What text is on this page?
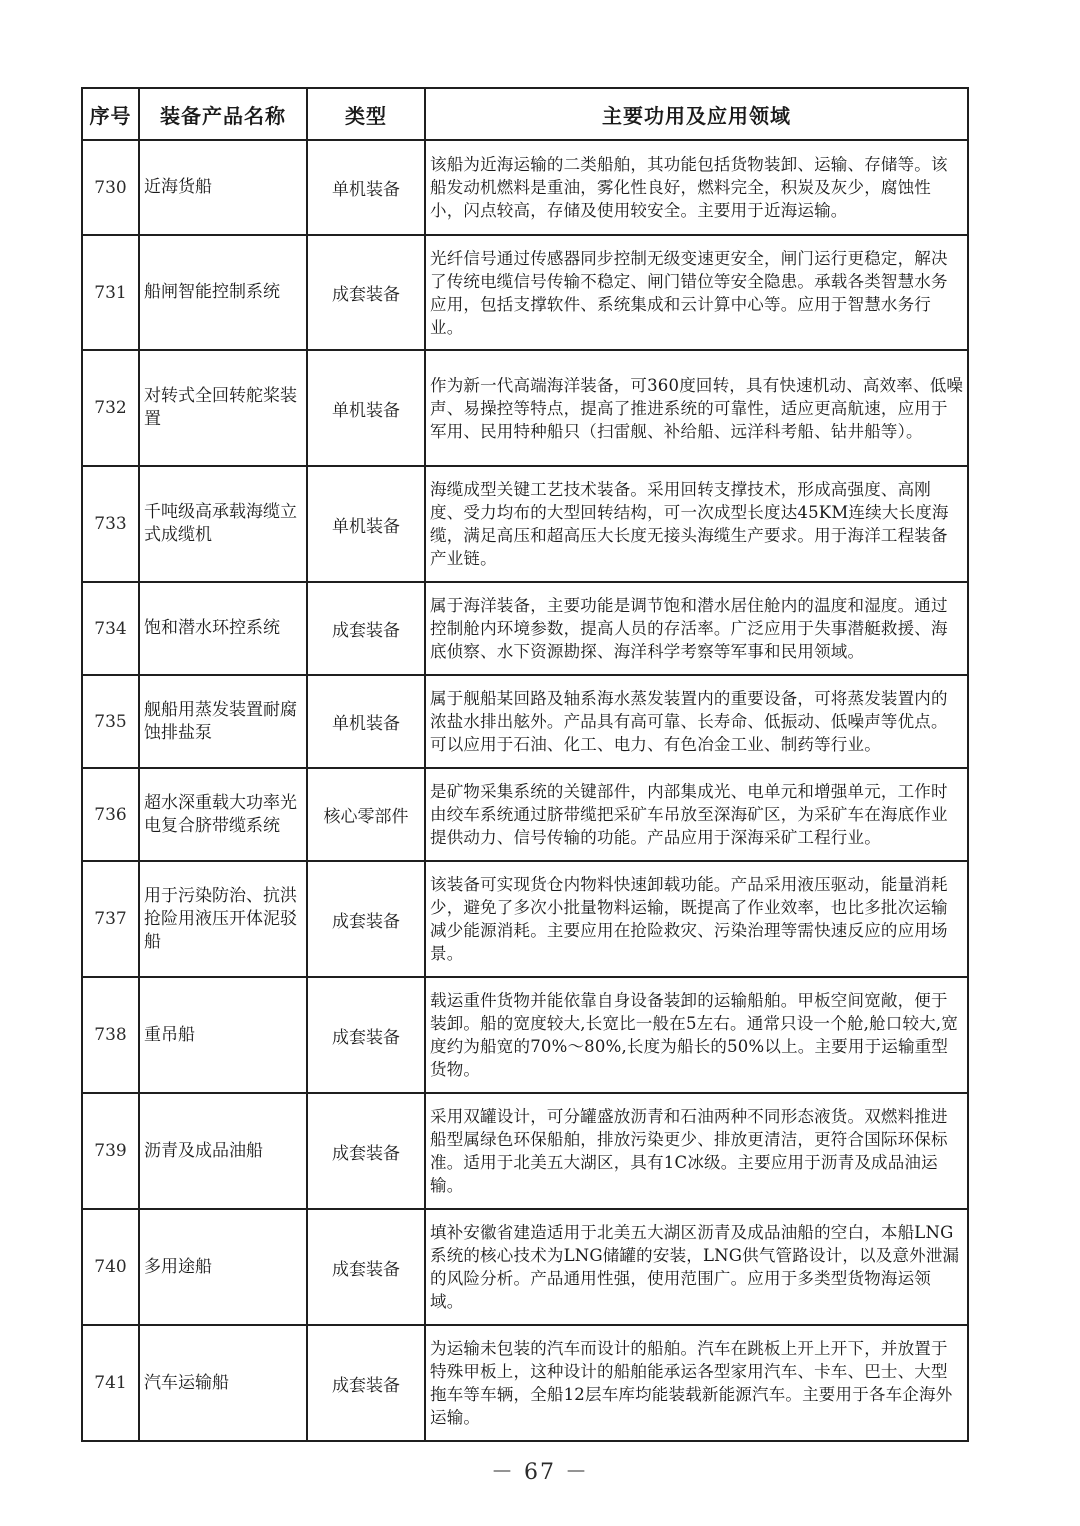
序号	装备产品名称	类型	主要功用及应用领域
730	近海货船	单机装备	该船为近海运输的二类船舶，其功能包括货物装卸、运输、存储等。该船发动机燃料是重油，雾化性良好，燃料完全，积炭及灰少，腐蚀性小，闪点较高，存储及使用较安全。主要用于近海运输。
731	船闸智能控制系统	成套装备	光纤信号通过传感器同步控制无级变速更安全，闸门运行更稳定，解决了传统电缆信号传输不稳定、闸门错位等安全隐患。承载各类智慧水务应用，包括支撑软件、系统集成和云计算中心等。应用于智慧水务行业。
732	对转式全回转舵桨装置	单机装备	作为新一代高端海洋装备，可360度回转，具有快速机动、高效率、低噪声、易操控等特点，提高了推进系统的可靠性，适应更高航速，应用于军用、民用特种船只（扫雷舰、补给船、远洋科考船、钻井船等）。
733	千吨级高承载海缆立式成缆机	单机装备	海缆成型关键工艺技术装备。采用回转支撑技术，形成高强度、高刚度、受力均布的大型回转结构，可一次成型长度达45KM连续大长度海缆，满足高压和超高压大长度无接头海缆生产要求。用于海洋工程装备产业链。
734	饱和潜水环控系统	成套装备	属于海洋装备，主要功能是调节饱和潜水居住舱内的温度和湿度。通过控制舱内环境参数，提高人员的存活率。广泛应用于失事潜艇救援、海底侦察、水下资源勘探、海洋科学考察等军事和民用领域。
735	舰船用蒸发装置耐腐蚀排盐泵	单机装备	属于舰船某回路及轴系海水蒸发装置内的重要设备，可将蒸发装置内的浓盐水排出舷外。产品具有高可靠、长寿命、低振动、低噪声等优点。可以应用于石油、化工、电力、有色冶金工业、制药等行业。
736	超水深重载大功率光电复合脐带缆系统	核心零部件	是矿物采集系统的关键部件，内部集成光、电单元和增强单元，工作时由绞车系统通过脐带缆把采矿车吊放至深海矿区，为采矿车在海底作业提供动力、信号传输的功能。产品应用于深海采矿工程行业。
737	用于污染防治、抗洪抢险用液压开体泥驳船	成套装备	该装备可实现货仓内物料快速卸载功能。产品采用液压驱动，能量消耗少，避免了多次小批量物料运输，既提高了作业效率，也比多批次运输减少能源消耗。主要应用在抢险救灾、污染治理等需快速反应的应用场景。
738	重吊船	成套装备	载运重件货物并能依靠自身设备装卸的运输船舶。甲板空间宽敞，便于装卸。船的宽度较大,长宽比一般在5左右。通常只设一个舱,舱口较大,宽度约为船宽的70%～80%,长度为船长的50%以上。主要用于运输重型货物。
739	沥青及成品油船	成套装备	采用双罐设计，可分罐盛放沥青和石油两种不同形态液货。双燃料推进船型属绿色环保船舶，排放污染更少、排放更清洁，更符合国际环保标准。适用于北美五大湖区，具有1C冰级。主要应用于沥青及成品油运输。
740	多用途船	成套装备	填补安徽省建造适用于北美五大湖区沥青及成品油船的空白，本船LNG系统的核心技术为LNG储罐的安装，LNG供气管路设计，以及意外泄漏的风险分析。产品通用性强，使用范围广。应用于多类型货物海运领域。
741	汽车运输船	成套装备	为运输未包装的汽车而设计的船舶。汽车在跳板上开上开下，并放置于特殊甲板上，这种设计的船舶能承运各型家用汽车、卡车、巴士、大型拖车等车辆，全船12层车库均能装载新能源汽车。主要用于各车企海外运输。
－ 67 －
